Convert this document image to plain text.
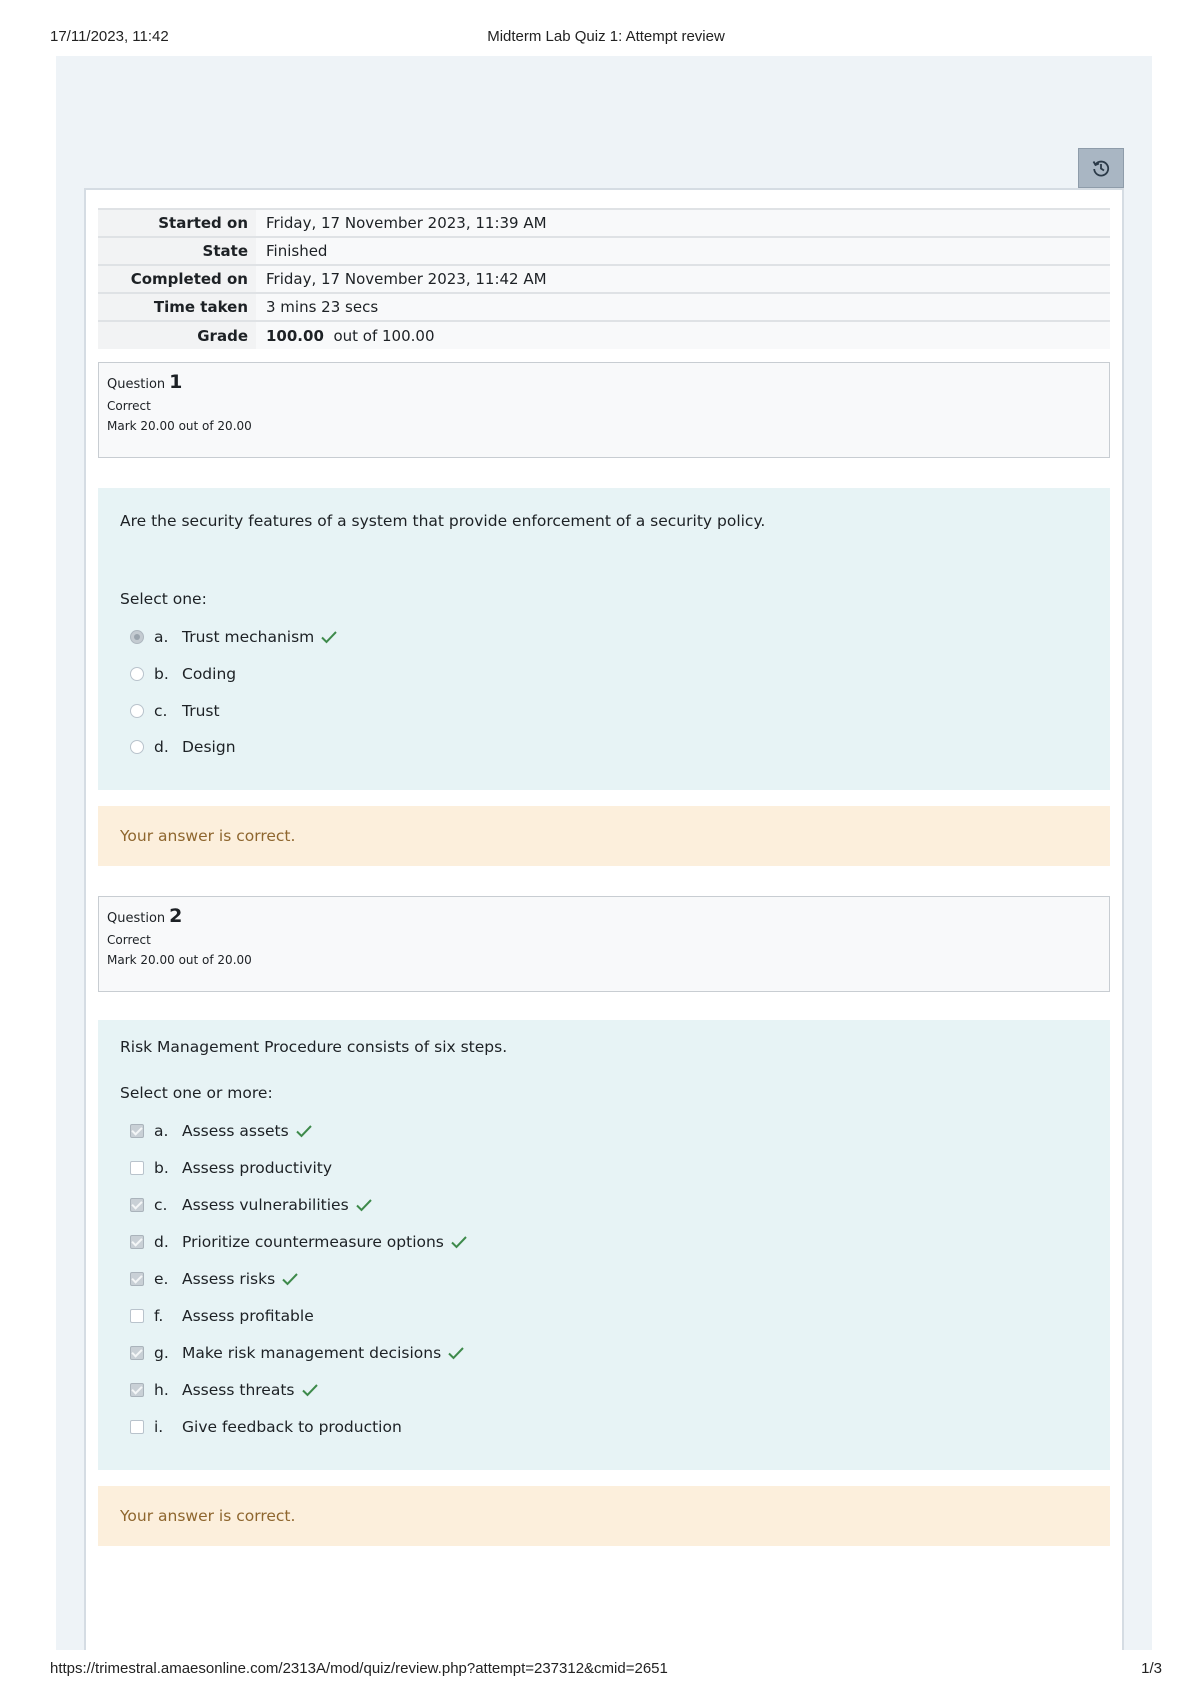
17/11/2023, 11:42	Midterm Lab Quiz 1: Attempt review
Started on	Friday, 17 November 2023, 11:39 AM
State	Finished
Completed on	Friday, 17 November 2023, 11:42 AM
Time taken	3 mins 23 secs
Grade	100.00 out of 100.00
Question 1
Correct
Mark 20.00 out of 20.00
Are the security features of a system that provide enforcement of a security policy.
Select one:
a. Trust mechanism
b. Coding
c. Trust
d. Design
Your answer is correct.
Question 2
Correct
Mark 20.00 out of 20.00
Risk Management Procedure consists of six steps.
Select one or more:
a. Assess assets
b. Assess productivity
c. Assess vulnerabilities
d. Prioritize countermeasure options
e. Assess risks
f.	Assess profitable
g. Make risk management decisions
h. Assess threats
i.	Give feedback to production
Your answer is correct.
https://trimestral.amaesonline.com/2313A/mod/quiz/review.php?attempt=237312&cmid=2651	1/3
